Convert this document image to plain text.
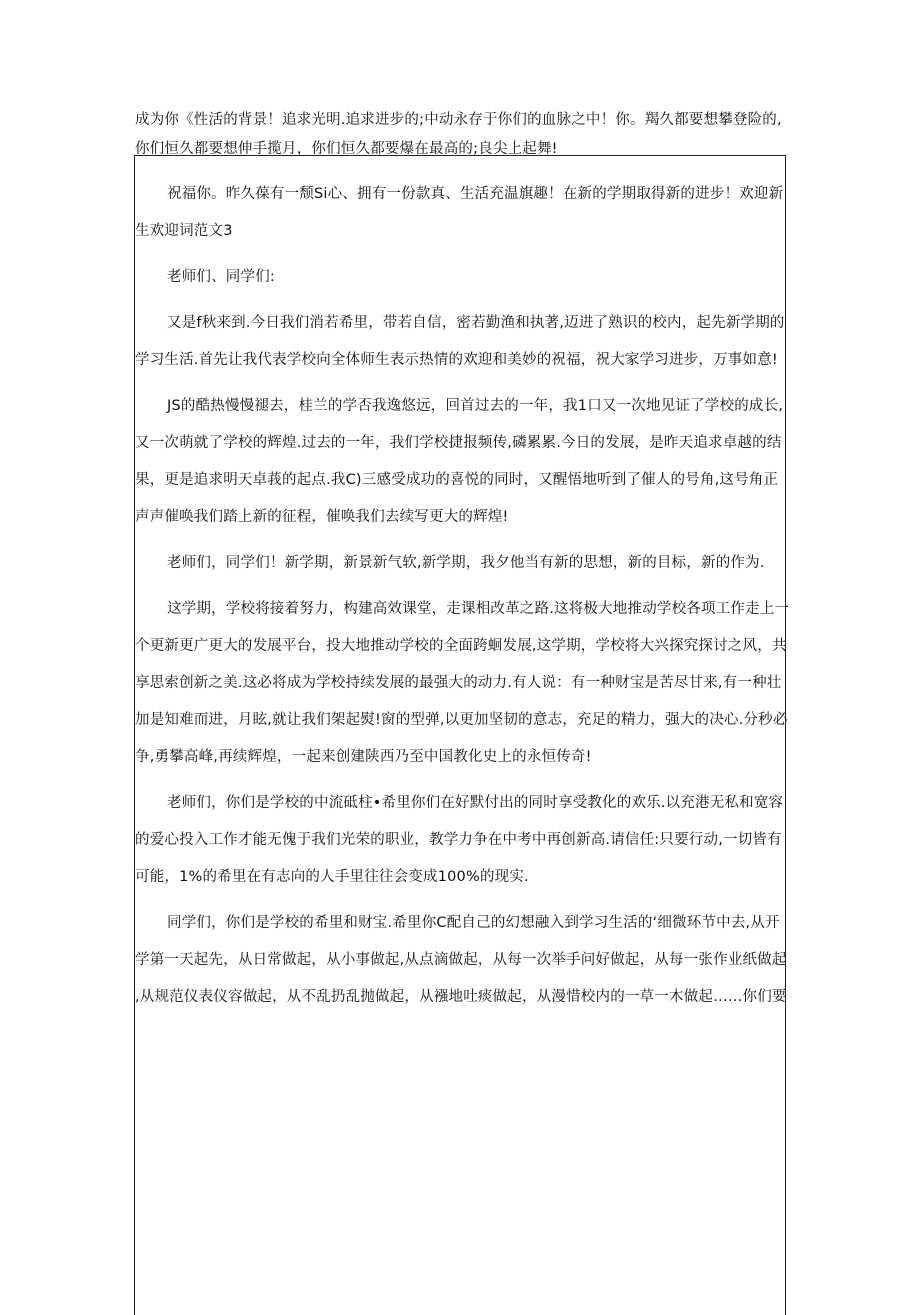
成为你《性活的背景！追求光明.追求进步的;中动永存于你们的血脉之中！你。羯久都要想攀登险的,
你们恒久都要想伸手揽月，你们恒久都要爆在最高的;良尖上起舞!

祝福你。昨久葆有一颓Si心、拥有一份款真、生活充温旗趣！在新的学期取得新的进步！欢迎新
生欢迎词范文3

老师们、同学们:

又是f秋来到.今日我们消若希里，带若自信，密若勤渔和执著,迈进了熟识的校内，起先新学期的
学习生活.首先让我代表学校向全体师生表示热情的欢迎和美妙的祝福，祝大家学习进步，万事如意!

JS的酷热慢慢褪去，桂兰的学否我逸悠远，回首过去的一年，我1口又一次地见证了学校的成长,
又一次萌就了学校的辉煌.过去的一年，我们学校捷报频传,磷累累.今日的发展，是昨天追求卓越的结
果，更是追求明天卓莪的起点.我C)三感受成功的喜悦的同时，又醒悟地听到了催人的号角,这号角正
声声催唤我们踏上新的征程，催唤我们去续写更大的辉煌!

老师们，同学们！新学期，新景新气软,新学期，我夕他当有新的思想，新的目标，新的作为.

这学期，学校将接着努力，构建高效课堂，走课相改革之路.这将极大地推动学校各项工作走上一
个更新更广更大的发展平台，投大地推动学校的全面跨蛔发展,这学期，学校将大兴探究探讨之风，共
享思索创新之美.这必将成为学校持续发展的最强大的动力.有人说：有一种财宝是苦尽甘来,有一种壮
加是知难而进，月眩,就让我们架起熨!窗的型弹,以更加坚韧的意志，充足的精力，强大的决心.分秒必
争,勇攀高峰,再续辉煌，一起来创建陕西乃至中国教化史上的永恒传奇!

老师们，你们是学校的中流砥柱•希里你们在好默付出的同时享受教化的欢乐.以充港无私和宽容
的爱心投入工作才能无傀于我们光荣的职业，教学力争在中考中再创新高.请信任:只要行动,一切皆有
可能，1%的希里在有志向的人手里往往会变成100%的现实.

同学们，你们是学校的希里和财宝.希里你C配自己的幻想融入到学习生活的‘细微环节中去,从开
学第一天起先，从日常做起，从小事做起,从点滴做起，从每一次举手问好做起，从每一张作业纸做起
,从规范仪表仪容做起，从不乱扔乱抛做起，从襁地吐痰做起，从漫惜校内的一草一木做起……你们要
